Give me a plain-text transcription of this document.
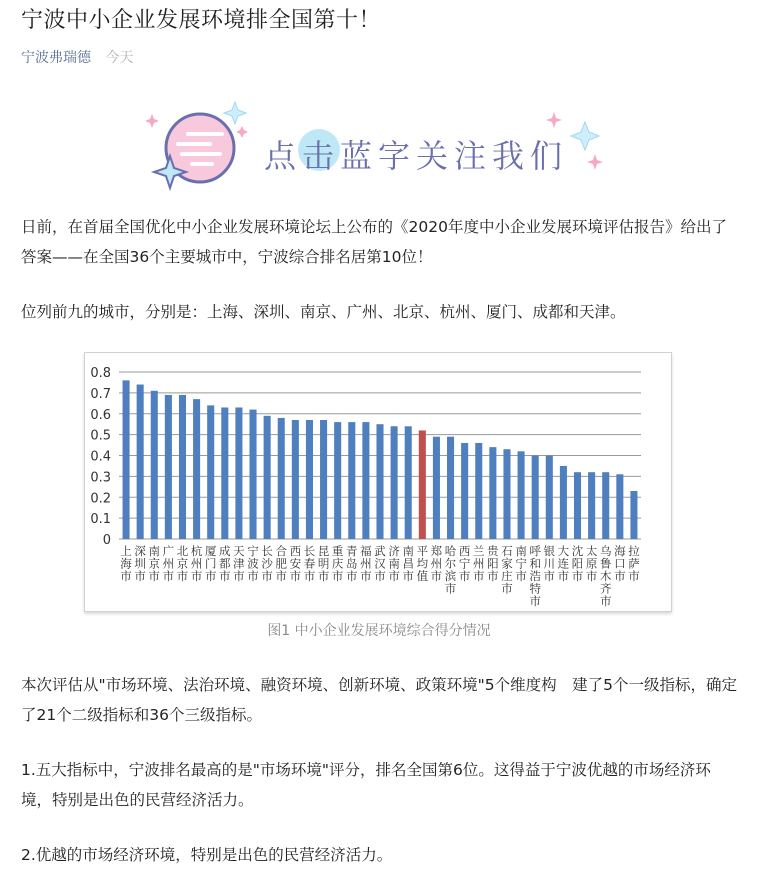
宁波中小企业发展环境排全国第十！
宁波弗瑞德 今天
点击蓝字关注我们

日前，在首届全国优化中小企业发展环境论坛上公布的《2020年度中小企业发展环境评估报告》给出了答案——在全国36个主要城市中，宁波综合排名居第10位！

位列前九的城市，分别是：上海、深圳、南京、广州、北京、杭州、厦门、成都和天津。

0
0.1
0.2
0.3
0.4
0.5
0.6
0.7
0.8
上海市
深圳市
南京市
广州市
北京市
杭州市
厦门市
成都市
天津市
宁波市
长沙市
合肥市
西安市
长春市
昆明市
重庆市
青岛市
福州市
武汉市
济南市
南昌市
平均值
郑州市
哈尔滨市
西宁市
兰州市
贵阳市
石家庄市
南宁市
呼和浩特市
银川市
大连市
沈阳市
太原市
乌鲁木齐市
海口市
拉萨市
图1 中小企业发展环境综合得分情况

本次评估从"市场环境、法治环境、融资环境、创新环境、政策环境"5个维度构　建了5个一级指标，确定了21个二级指标和36个三级指标。

1.五大指标中，宁波排名最高的是"市场环境"评分，排名全国第6位。这得益于宁波优越的市场经济环境，特别是出色的民营经济活力。

2.优越的市场经济环境，特别是出色的民营经济活力。
